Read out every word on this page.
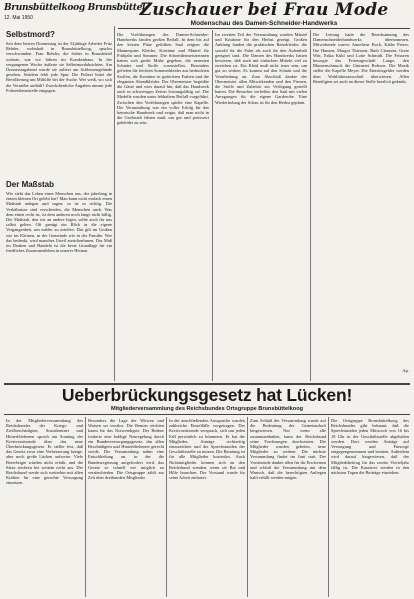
Brunsbüttelkoog Brunsbüttel
12. Mai 1950	Zuschauer bei Frau Mode
Modenschau des Damen-Schneider-Handwerks
Selbstmord?
Seit dem letzten Donnerstag ist der 52jährige Arbeiter Fritz Rehder, wohnhaft in Brunsbüttelkoog, spurlos verschwunden. Frau Rehder, die früher in Brunsbüttel wohnte, war vor Jahren im Krankenhaus. In der vergangenen Woche äußerte sie Selbstmordabsichten. Am Donnerstagabend wurde sie zuletzt am Schleusengelände gesehen. Seitdem fehlt jede Spur. Die Polizei bittet die Bevölkerung um Mithilfe bei der Suche. Wer weiß, wo sich die Vermißte aufhält? Zweckdienliche Angaben nimmt jede Polizeidienststelle entgegen.
Der Maßstab
Wie sieht das Leben eines Menschen aus, der jahrelang in einem kleinen Ort gelebt hat? Man kann nicht einfach einen Maßstab anlegen und sagen: so ist es richtig. Die Verhältnisse sind verschieden, die Menschen auch. Was dem einen recht ist, ist dem anderen noch lange nicht billig. Der Maßstab, den wir an andere legen, sollte auch für uns selbst gelten. Oft genügt ein Blick in die eigene Vergangenheit, um milder zu urteilen. Das gilt im Großen wie im Kleinen, in der Gemeinde wie in der Familie. Wer das bedenkt, wird manches Urteil zurücknehmen. Das Maß im Denken und Handeln ist die beste Grundlage für ein friedliches Zusammenleben in unserer Heimat.
Die Vorführungen des Damen-Schneider-Handwerks fanden großen Beifall. In dem bis auf den letzten Platz gefüllten Saal zeigten die Mannequins Kleider, Kostüme und Mäntel für Frühjahr und Sommer. Die Schneidermeisterinnen hatten sich große Mühe gegeben, die neuesten Schnitte und Stoffe vorzustellen. Besonders gefielen die leichten Sommerkleider aus bedruckten Stoffen, die Kostüme in gedeckten Farben und die eleganten Abendkleider. Der Obermeister begrüßte die Gäste und wies darauf hin, daß das Handwerk auch in schwierigen Zeiten leistungsfähig sei. Die Modelle wurden unter lebhaftem Beifall vorgeführt. Zwischen den Vorführungen spielte eine Kapelle. Die Veranstaltung war ein voller Erfolg für das heimische Handwerk und zeigte, daß man nicht in die Großstadt fahren muß, um gut und preiswert gekleidet zu sein.
Im zweiten Teil der Veranstaltung wurden Mäntel und Kostüme für den Herbst gezeigt. Großen Anklang fanden die praktischen Reisekleider, die sowohl für die Fahrt als auch für den Aufenthalt geeignet sind. Die Damen des Handwerks hatten bewiesen, daß auch mit einfachen Mitteln viel zu erreichen ist. Ein Kleid muß nicht teuer sein, um gut zu wirken. Es kommt auf den Schnitt und die Verarbeitung an. Zum Abschluß dankte der Obermeister allen Mitwirkenden und den Firmen, die Stoffe und Zubehör zur Verfügung gestellt hatten. Die Besucher verließen den Saal mit vielen Anregungen für die eigene Garderobe. Eine Wiederholung der Schau ist für den Herbst geplant.
Die Leitung hatte die Bezirksinnung des Damenschneiderhandwerks übernommen. Mitwirkende waren: Anneliese Bock, Käthe Peters, Ilse Hansen, Margot Thiessen, Ruth Claussen, Grete Witt, Erika Kühl und Lotte Schmidt. Die Frisuren besorgte das Friseurgeschäft Lange, den Blumenschmuck die Gärtnerei Rohwer. Die Musik stellte die Kapelle Meyer. Die Eintrittsgelder werden dem Wohlfahrtsausschuß überwiesen. Allen Beteiligten sei auch an dieser Stelle herzlich gedankt.
Ap.
Ueberbrückungsgesetz hat Lücken!
Mitgliederversammlung des Reichsbundes Ortsgruppe Brunsbüttelkoog
In der Mitgliederversammlung des Reichsbundes der Kriegs- und Zivilbeschädigten, Sozialrentner und Hinterbliebenen sprach am Sonntag der Kreisvorsitzende über das neue Überbrückungsgesetz. Er stellte fest, daß das Gesetz zwar eine Verbesserung bringe, aber noch große Lücken aufweise. Viele Berechtigte würden nicht erfaßt, und die Sätze reichten bei weitem nicht aus. Der Reichsbund werde sich weiterhin mit allen Kräften für eine gerechte Versorgung einsetzen.
Besonders die Lage der Witwen und Waisen sei trostlos. Die Renten reichten kaum für das Notwendigste. Der Redner forderte eine baldige Neuregelung durch ein Bundesversorgungsgesetz, das allen Beschädigten und Hinterbliebenen gerecht werde. Die Versammlung nahm eine Entschließung an, in der die Bundesregierung aufgefordert wird, das Gesetz so schnell wie möglich zu verabschieden. Die Ortsgruppe zählt zur Zeit über dreihundert Mitglieder.
In der anschließenden Aussprache wurden zahlreiche Einzelfälle vorgetragen. Der Kreisvorsitzende versprach, sich um jeden Fall persönlich zu kümmern. Er bat die Mitglieder, Anträge rechtzeitig einzureichen und die Sprechstunden der Geschäftsstelle zu nutzen. Die Beratung ist für alle Mitglieder kostenlos. Auch Nichtmitglieder können sich an den Reichsbund wenden, wenn sie Rat und Hilfe brauchen. Der Vorstand wurde für seine Arbeit entlastet.
Zum Schluß der Versammlung wurde auf die Bedeutung der Gemeinschaft hingewiesen. Nur wenn alle zusammenhalten, kann der Reichsbund seine Forderungen durchsetzen. Die Mitglieder wurden gebeten, neue Mitglieder zu werben. Die nächste Versammlung findet im Juni statt. Der Vorsitzende dankte allen für ihr Erscheinen und schloß die Versammlung mit dem Wunsch, daß die berechtigten Anliegen bald erfüllt werden mögen.
Die Ortsgruppe Brunsbüttelkoog des Reichsbundes gibt bekannt, daß die Sprechstunden jeden Mittwoch von 16 bis 18 Uhr in der Geschäftsstelle abgehalten werden. Dort werden Anträge auf Versorgung und Fürsorge entgegengenommen und beraten. Außerdem wird darauf hingewiesen, daß der Mitgliedsbeitrag für das zweite Vierteljahr fällig ist. Die Kassierer werden in den nächsten Tagen die Beiträge einziehen.
